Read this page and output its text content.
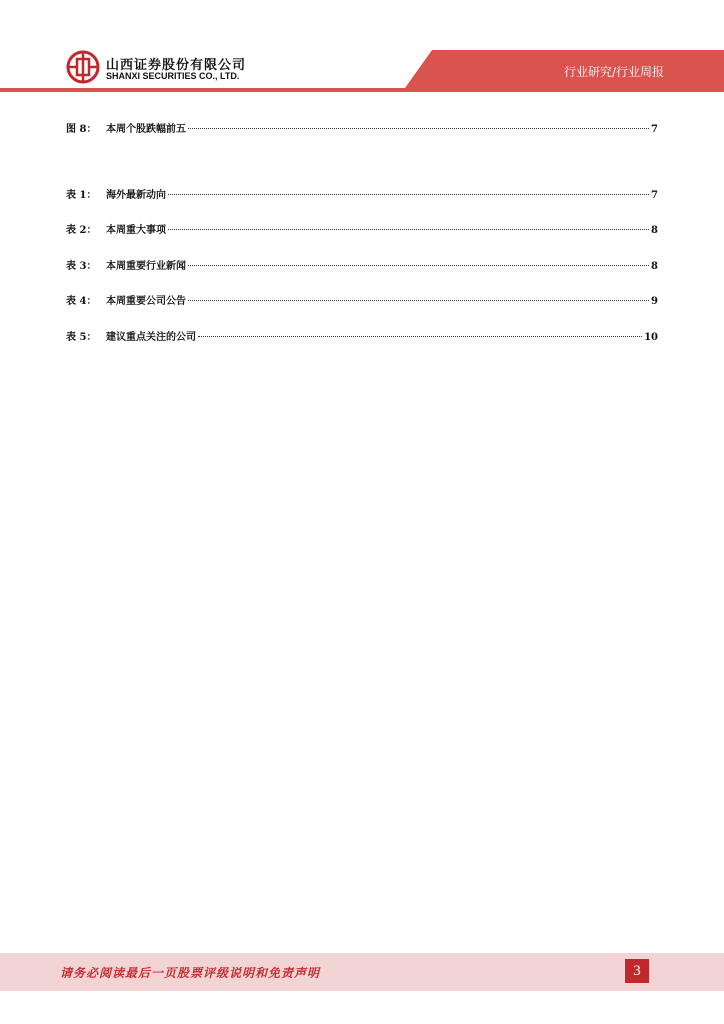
山西证券股份有限公司
SHANXI SECURITIES CO., LTD.	行业研究/行业周报
图 8： 本周个股跌幅前五	7
表 1： 海外最新动向	7
表 2： 本周重大事项	8
表 3： 本周重要行业新闻	8
表 4： 本周重要公司公告	9
表 5： 建议重点关注的公司	10
请务必阅读最后一页股票评级说明和免责声明	3
